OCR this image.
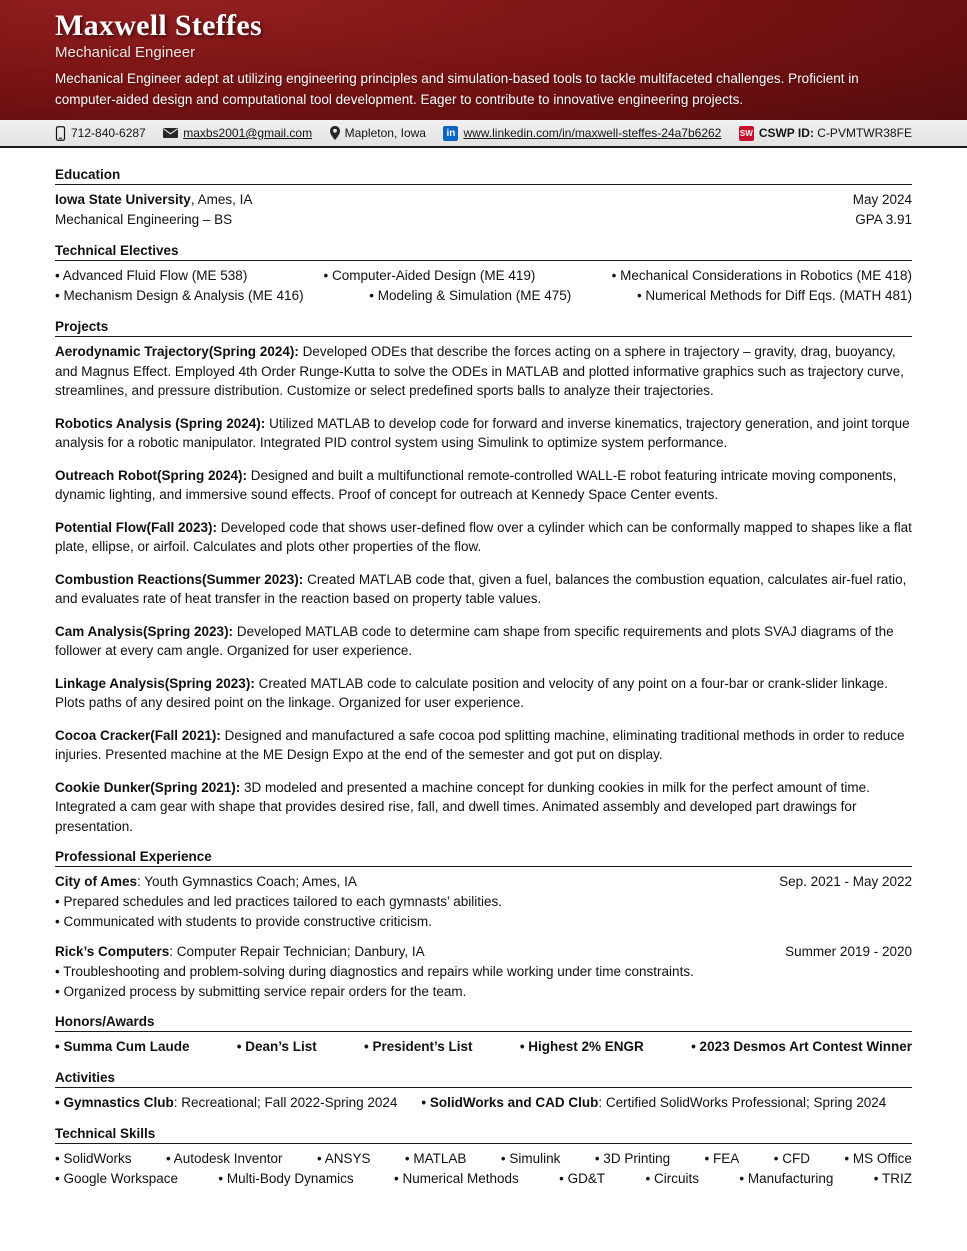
Maxwell Steffes
Mechanical Engineer

Mechanical Engineer adept at utilizing engineering principles and simulation-based tools to tackle multifaceted challenges. Proficient in computer-aided design and computational tool development. Eager to contribute to innovative engineering projects.

712-840-6287	maxbs2001@gmail.com	Mapleton, Iowa	in www.linkedin.com/in/maxwell-steffes-24a7b6262 SW CSWP ID: C-PVMTWR38FE
Education
Iowa State University, Ames, IA	May 2024
Mechanical Engineering – BS	GPA 3.91
Technical Electives
• Advanced Fluid Flow (ME 538)	• Computer-Aided Design (ME 419)	• Mechanical Considerations in Robotics (ME 418)
• Mechanism Design & Analysis (ME 416)	• Modeling & Simulation (ME 475)	• Numerical Methods for Diff Eqs. (MATH 481)
Projects

Aerodynamic Trajectory(Spring 2024): Developed ODEs that describe the forces acting on a sphere in trajectory – gravity, drag, buoyancy, and Magnus Effect. Employed 4th Order Runge-Kutta to solve the ODEs in MATLAB and plotted informative graphics such as trajectory curve, streamlines, and pressure distribution. Customize or select predefined sports balls to analyze their trajectories.

Robotics Analysis (Spring 2024): Utilized MATLAB to develop code for forward and inverse kinematics, trajectory generation, and joint torque analysis for a robotic manipulator. Integrated PID control system using Simulink to optimize system performance.

Outreach Robot(Spring 2024): Designed and built a multifunctional remote-controlled WALL-E robot featuring intricate moving components, dynamic lighting, and immersive sound effects. Proof of concept for outreach at Kennedy Space Center events.

Potential Flow(Fall 2023): Developed code that shows user-defined flow over a cylinder which can be conformally mapped to shapes like a flat plate, ellipse, or airfoil. Calculates and plots other properties of the flow.

Combustion Reactions(Summer 2023): Created MATLAB code that, given a fuel, balances the combustion equation, calculates air-fuel ratio, and evaluates rate of heat transfer in the reaction based on property table values.

Cam Analysis(Spring 2023): Developed MATLAB code to determine cam shape from specific requirements and plots SVAJ diagrams of the follower at every cam angle. Organized for user experience.

Linkage Analysis(Spring 2023): Created MATLAB code to calculate position and velocity of any point on a four-bar or crank-slider linkage. Plots paths of any desired point on the linkage. Organized for user experience.

Cocoa Cracker(Fall 2021): Designed and manufactured a safe cocoa pod splitting machine, eliminating traditional methods in order to reduce injuries. Presented machine at the ME Design Expo at the end of the semester and got put on display.

Cookie Dunker(Spring 2021): 3D modeled and presented a machine concept for dunking cookies in milk for the perfect amount of time. Integrated a cam gear with shape that provides desired rise, fall, and dwell times. Animated assembly and developed part drawings for presentation.

Professional Experience
City of Ames: Youth Gymnastics Coach; Ames, IA	Sep. 2021 - May 2022
• Prepared schedules and led practices tailored to each gymnasts’ abilities.
• Communicated with students to provide constructive criticism.
Rick’s Computers: Computer Repair Technician; Danbury, IA	Summer 2019 - 2020
• Troubleshooting and problem-solving during diagnostics and repairs while working under time constraints.
• Organized process by submitting service repair orders for the team.
Honors/Awards
• Summa Cum Laude	• Dean’s List	• President’s List	• Highest 2% ENGR	• 2023 Desmos Art Contest Winner
Activities
• Gymnastics Club: Recreational; Fall 2022-Spring 2024 • SolidWorks and CAD Club: Certified SolidWorks Professional; Spring 2024
Technical Skills
• SolidWorks	• Autodesk Inventor	• ANSYS	• MATLAB	• Simulink	• 3D Printing	• FEA	• CFD	• MS Office
• Google Workspace	• Multi-Body Dynamics	• Numerical Methods	• GD&T	• Circuits	• Manufacturing	• TRIZ
